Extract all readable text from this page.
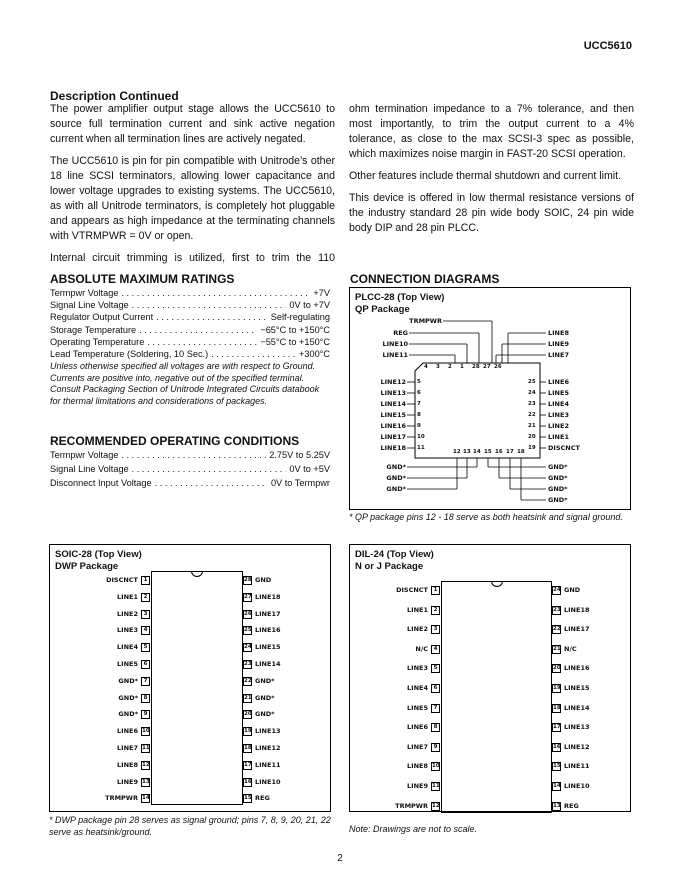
UCC5610
Description Continued

The power amplifier output stage allows the UCC5610 to source full termination current and sink active negation current when all termination lines are actively negated.

The UCC5610 is pin for pin compatible with Unitrode’s other 18 line SCSI terminators, allowing lower capacitance and lower voltage upgrades to existing systems. The UCC5610, as with all Unitrode terminators, is completely hot pluggable and appears as high impedance at the terminating channels with VTRMPWR = 0V or open.

Internal circuit trimming is utilized, first to trim the 110

ohm termination impedance to a 7% tolerance, and then most importantly, to trim the output current to a 4% tolerance, as close to the max SCSI-3 spec as possible, which maximizes noise margin in FAST-20 SCSI operation.

Other features include thermal shutdown and current limit.

This device is offered in low thermal resistance versions of the industry standard 28 pin wide body SOIC, 24 pin wide body DIP and 28 pin PLCC.

ABSOLUTE MAXIMUM RATINGS
Termpwr Voltage . . .	+7V
Signal Line Voltage . . .	0V to +7V
Regulator Output Current . . .	Self-regulating
Storage Temperature . . .	−65°C to +150°C
Operating Temperature . . .	−55°C to +150°C
Lead Temperature (Soldering, 10 Sec.) . . .	+300°C

Unless otherwise specified all voltages are with respect to Ground. Currents are positive into, negative out of the specified terminal.

Consult Packaging Section of Unitrode Integrated Circuits databook for thermal limitations and considerations of packages.

RECOMMENDED OPERATING CONDITIONS
Termpwr Voltage . . .	2.75V to 5.25V
Signal Line Voltage . . .	0V to +5V
Disconnect Input Voltage . . .	0V to Termpwr
CONNECTION DIAGRAMS
PLCC-28 (Top View)
QP Package
4 3 2 1 28 27 26
TRMPWR
REG
LINE10
LINE11
LINE8
LINE9
LINE7
LINE12 5
LINE13 6
LINE14 7
LINE15 8
LINE16 9
LINE17 10
LINE18 11
25 LINE6
24 LINE5
23 LINE4
22 LINE3
21 LINE2
20 LINE1
19 DISCNCT
12 13 14 15 16 17 18
GND*
GND*
GND*
GND*
GND*
GND*
GND*
* QP package pins 12 - 18 serve as both heatsink and signal ground.
SOIC-28 (Top View)
DWP Package
1
DISCNCT
2
LINE1
3
LINE2
4
LINE3
5
LINE4
6
LINE5
7
GND*
8
GND*
9
GND*
10
LINE6
11
LINE7
12
LINE8
13
LINE9
14
TRMPWR
28 GND
27 LINE18
26 LINE17
25 LINE16
24 LINE15
23 LINE14
22 GND*
21 GND*
20 GND*
19 LINE13
18 LINE12
17 LINE11
16 LINE10
15 REG
* DWP package pin 28 serves as signal ground; pins 7, 8, 9, 20, 21, 22 serve as heatsink/ground.
DIL-24 (Top View)
N or J Package
1
DISCNCT
2
LINE1
3
LINE2
4
N/C
5
LINE3
6
LINE4
7
LINE5
8
LINE6
9
LINE7
10
LINE8
11
LINE9
12
TRMPWR
24 GND
23 LINE18
22 LINE17
21 N/C
20 LINE16
19 LINE15
18 LINE14
17 LINE13
16 LINE12
15 LINE11
14 LINE10
13 REG
Note: Drawings are not to scale.
2
